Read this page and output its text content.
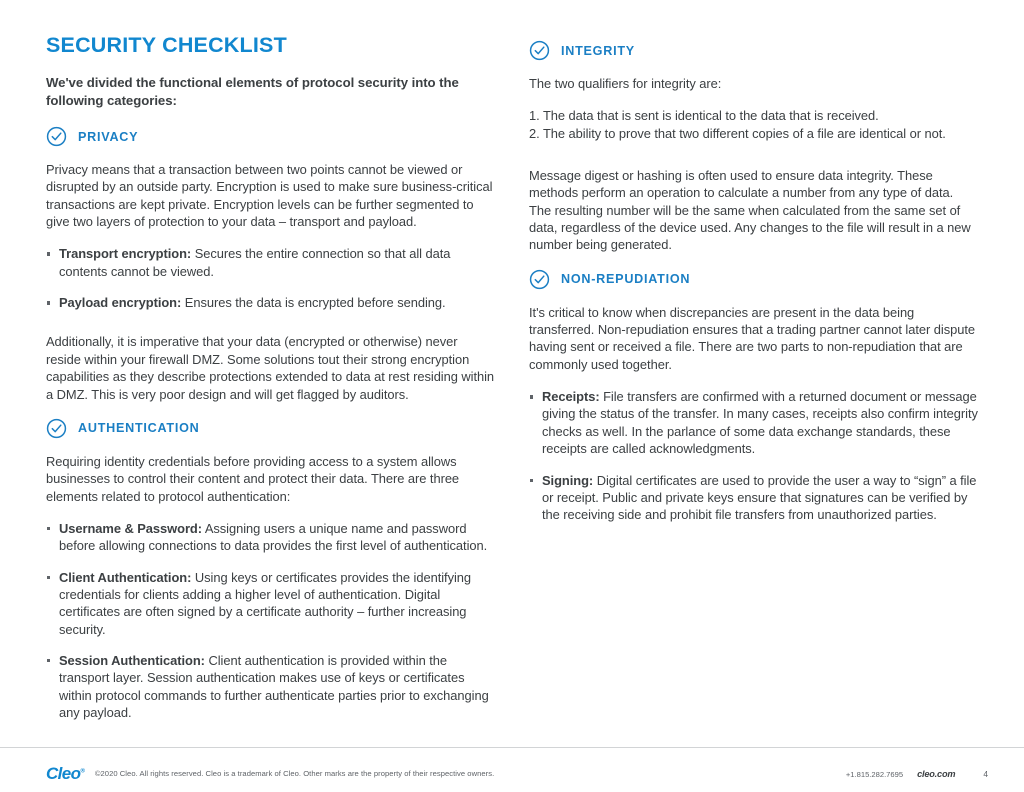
SECURITY CHECKLIST

We've divided the functional elements of protocol security into the following categories:

PRIVACY

Privacy means that a transaction between two points cannot be viewed or disrupted by an outside party. Encryption is used to make sure business-critical transactions are kept private. Encryption levels can be further segmented to give two layers of protection to your data – transport and payload.

Transport encryption: Secures the entire connection so that all data contents cannot be viewed.
Payload encryption: Ensures the data is encrypted before sending.

Additionally, it is imperative that your data (encrypted or otherwise) never reside within your firewall DMZ. Some solutions tout their strong encryption capabilities as they describe protections extended to data at rest residing within a DMZ. This is very poor design and will get flagged by auditors.

AUTHENTICATION

Requiring identity credentials before providing access to a system allows businesses to control their content and protect their data. There are three elements related to protocol authentication:

Username & Password: Assigning users a unique name and password before allowing connections to data provides the first level of authentication.
Client Authentication: Using keys or certificates provides the identifying credentials for clients adding a higher level of authentication. Digital certificates are often signed by a certificate authority – further increasing security.
Session Authentication: Client authentication is provided within the transport layer. Session authentication makes use of keys or certificates within protocol commands to further authenticate parties prior to exchanging any payload.
INTEGRITY

The two qualifiers for integrity are:

1. The data that is sent is identical to the data that is received.
2. The ability to prove that two different copies of a file are identical or not.

Message digest or hashing is often used to ensure data integrity. These methods perform an operation to calculate a number from any type of data. The resulting number will be the same when calculated from the same set of data, regardless of the device used. Any changes to the file will result in a new number being generated.

NON-REPUDIATION

It's critical to know when discrepancies are present in the data being transferred. Non-repudiation ensures that a trading partner cannot later dispute having sent or received a file. There are two parts to non-repudiation that are commonly used together.

Receipts: File transfers are confirmed with a returned document or message giving the status of the transfer. In many cases, receipts also confirm integrity checks as well. In the parlance of some data exchange standards, these receipts are called acknowledgments.
Signing: Digital certificates are used to provide the user a way to “sign” a file or receipt. Public and private keys ensure that signatures can be verified by the receiving side and prohibit file transfers from unauthorized parties.
Cleo® ©2020 Cleo. All rights reserved. Cleo is a trademark of Cleo. Other marks are the property of their respective owners.	+1.815.282.7695 cleo.com	4
